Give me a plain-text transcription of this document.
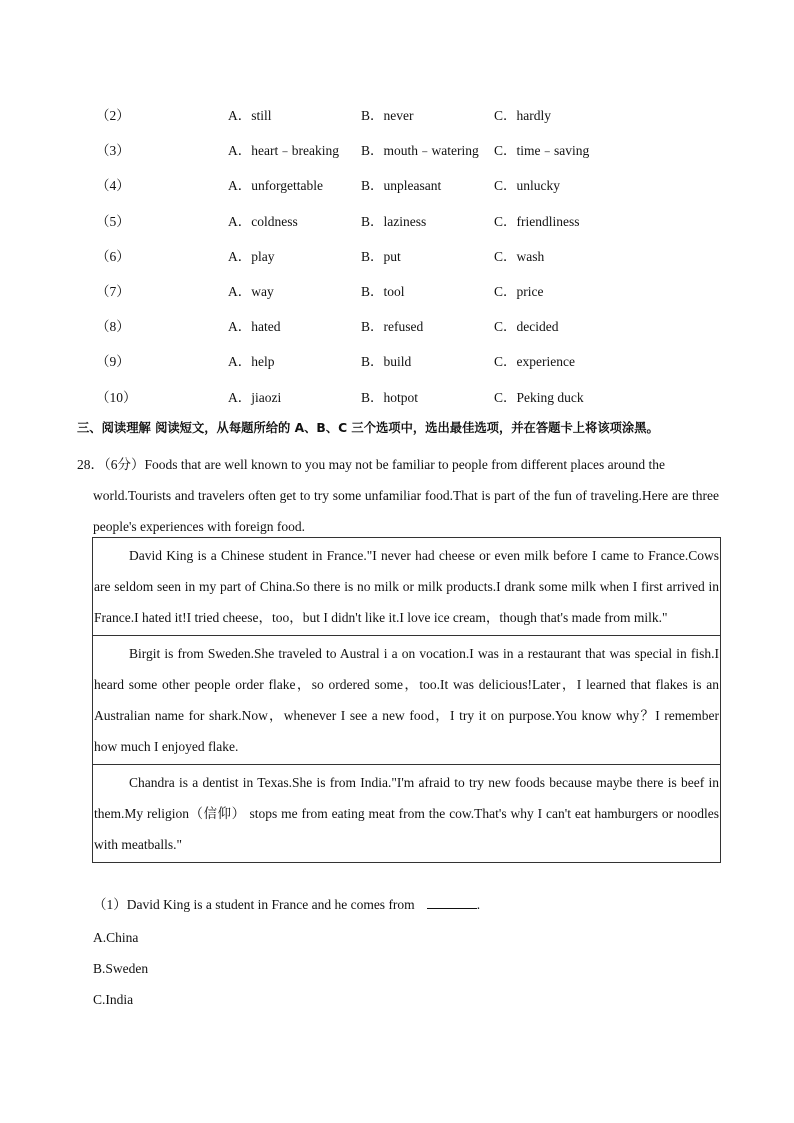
（2）	A．still	B．never	C．hardly
（3）	A．heart﹣breaking B．mouth﹣watering C．time﹣saving
（4）	A．unforgettable	B．unpleasant	C．unlucky
（5）	A．coldness	B．laziness	C．friendliness
（6）	A．play	B．put	C．wash
（7）	A．way	B．tool	C．price
（8）	A．hated	B．refused	C．decided
（9）	A．help	B．build	C．experience
（10）	A．jiaozi	B．hotpot	C．Peking duck
三、阅读理解 阅读短文，从每题所给的 A、B、C 三个选项中，选出最佳选项，并在答题卡上将该项涂黑。
28．（6分）Foods that are well known to you may not be familiar to people from different places around the
world.Tourists and travelers often get to try some unfamiliar food.That is part of the fun of traveling.Here are three people's experiences with foreign food.

David King is a Chinese student in France."I never had cheese or even milk before I came to France.Cows are seldom seen in my part of China.So there is no milk or milk products.I drank some milk when I first arrived in France.I hated it!I tried cheese，too，but I didn't like it.I love ice cream，though that's made from milk."

Birgit is from Sweden.She traveled to Austral i a on vocation.I was in a restaurant that was special in fish.I heard some other people order flake，so ordered some，too.It was delicious!Later，I learned that flakes is an Australian name for shark.Now，whenever I see a new food，I try it on purpose.You know why？I remember how much I enjoyed flake.

Chandra is a dentist in Texas.She is from India."I'm afraid to try new foods because maybe there is beef in them.My religion（信仰） stops me from eating meat from the cow.That's why I can't eat hamburgers or noodles with meatballs."

（1）David King is a student in France and he comes from	.
A.China
B.Sweden
C.India
